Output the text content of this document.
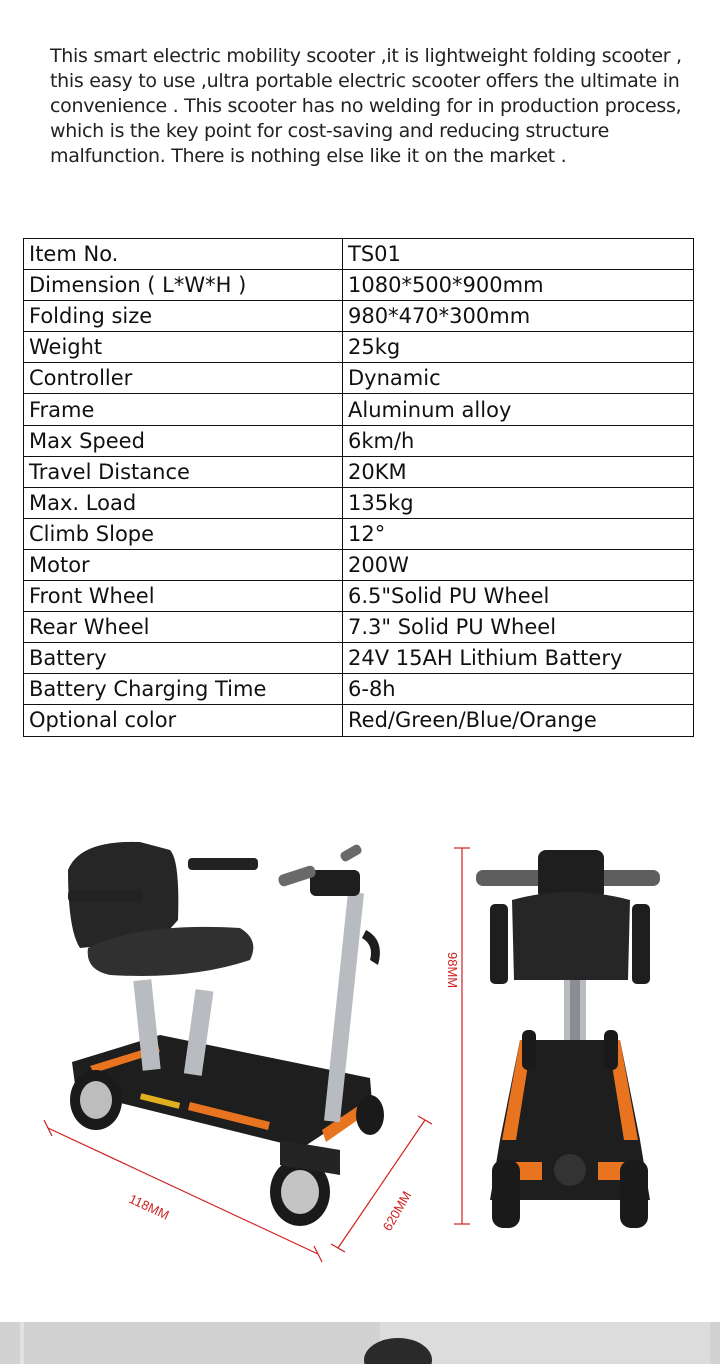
This smart electric mobility scooter ,it is lightweight folding scooter ,

this easy to use ,ultra portable electric scooter offers the ultimate in

convenience . This scooter has no welding for in production process,

which is the key point for cost-saving and reducing structure

malfunction. There is nothing else like it on the market .

Item No.	TS01
Dimension ( L*W*H )	1080*500*900mm
Folding size	980*470*300mm
Weight	25kg
Controller	Dynamic
Frame	Aluminum alloy
Max Speed	6km/h
Travel Distance	20KM
Max. Load	135kg
Climb Slope	12°
Motor	200W
Front Wheel	6.5"Solid PU Wheel
Rear Wheel	7.3" Solid PU Wheel
Battery	24V 15AH Lithium Battery
Battery Charging Time	6-8h
Optional color	Red/Green/Blue/Orange
118MM	620MM
98MM
